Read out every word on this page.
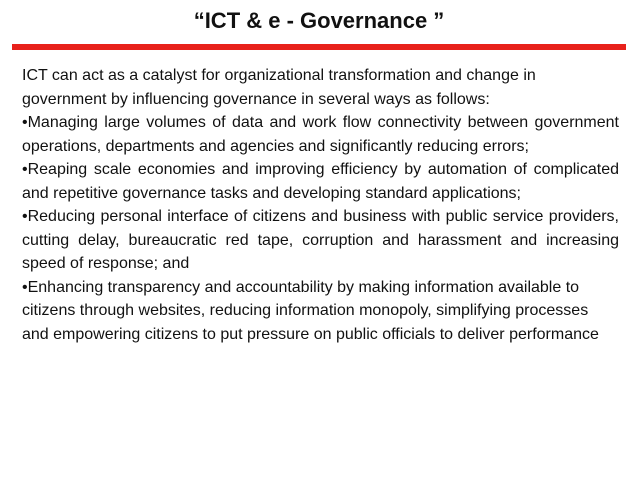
“ICT & e - Governance ”

ICT can act as a catalyst for organizational transformation and change in government by influencing governance in several ways as follows:

•Managing large volumes of data and work flow connectivity between government operations, departments and agencies and significantly reducing errors;

•Reaping scale economies and improving efficiency by automation of complicated and repetitive governance tasks and developing standard applications;

•Reducing personal interface of citizens and business with public service providers, cutting delay, bureaucratic red tape, corruption and harassment and increasing speed of response; and

•Enhancing transparency and accountability by making information available to citizens through websites, reducing information monopoly, simplifying processes and empowering citizens to put pressure on public officials to deliver performance
